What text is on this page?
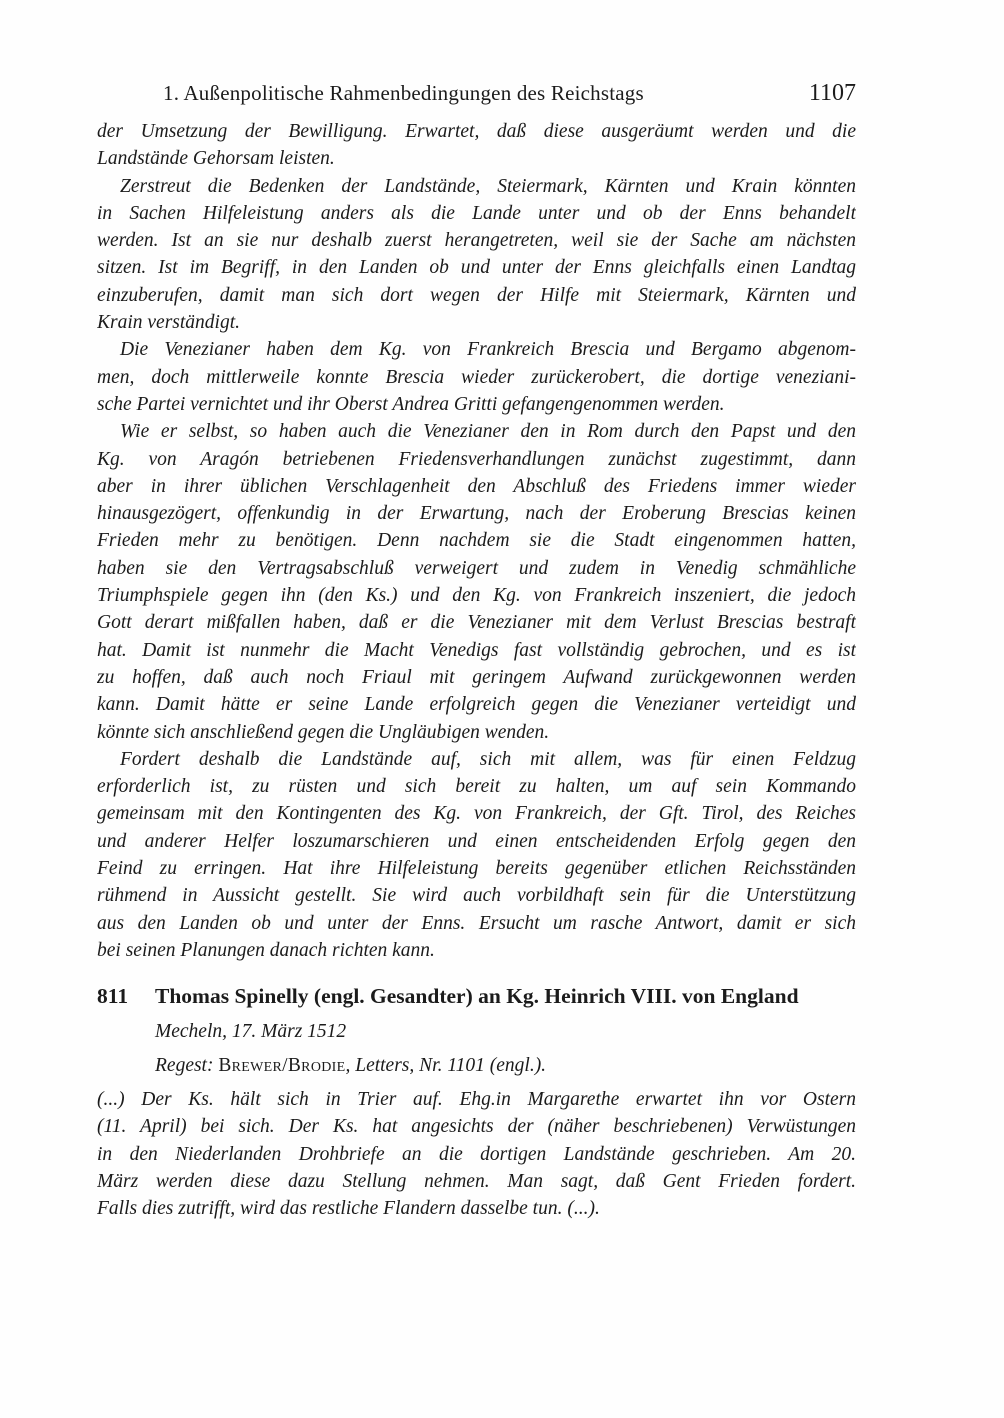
1. Außenpolitische Rahmenbedingungen des Reichstags	1107
der Umsetzung der Bewilligung. Erwartet, daß diese ausgeräumt werden und die
Landstände Gehorsam leisten.
Zerstreut die Bedenken der Landstände, Steiermark, Kärnten und Krain könnten
in Sachen Hilfeleistung anders als die Lande unter und ob der Enns behandelt
werden. Ist an sie nur deshalb zuerst herangetreten, weil sie der Sache am nächsten
sitzen. Ist im Begriff, in den Landen ob und unter der Enns gleichfalls einen Landtag
einzuberufen, damit man sich dort wegen der Hilfe mit Steiermark, Kärnten und
Krain verständigt.
Die Venezianer haben dem Kg. von Frankreich Brescia und Bergamo abgenom-
men, doch mittlerweile konnte Brescia wieder zurückerobert, die dortige veneziani-
sche Partei vernichtet und ihr Oberst Andrea Gritti gefangengenommen werden.
Wie er selbst, so haben auch die Venezianer den in Rom durch den Papst und den
Kg. von Aragón betriebenen Friedensverhandlungen zunächst zugestimmt, dann
aber in ihrer üblichen Verschlagenheit den Abschluß des Friedens immer wieder
hinausgezögert, offenkundig in der Erwartung, nach der Eroberung Brescias keinen
Frieden mehr zu benötigen. Denn nachdem sie die Stadt eingenommen hatten,
haben sie den Vertragsabschluß verweigert und zudem in Venedig schmähliche
Triumphspiele gegen ihn (den Ks.) und den Kg. von Frankreich inszeniert, die jedoch
Gott derart mißfallen haben, daß er die Venezianer mit dem Verlust Brescias bestraft
hat. Damit ist nunmehr die Macht Venedigs fast vollständig gebrochen, und es ist
zu hoffen, daß auch noch Friaul mit geringem Aufwand zurückgewonnen werden
kann. Damit hätte er seine Lande erfolgreich gegen die Venezianer verteidigt und
könnte sich anschließend gegen die Ungläubigen wenden.
Fordert deshalb die Landstände auf, sich mit allem, was für einen Feldzug
erforderlich ist, zu rüsten und sich bereit zu halten, um auf sein Kommando
gemeinsam mit den Kontingenten des Kg. von Frankreich, der Gft. Tirol, des Reiches
und anderer Helfer loszumarschieren und einen entscheidenden Erfolg gegen den
Feind zu erringen. Hat ihre Hilfeleistung bereits gegenüber etlichen Reichsständen
rühmend in Aussicht gestellt. Sie wird auch vorbildhaft sein für die Unterstützung
aus den Landen ob und unter der Enns. Ersucht um rasche Antwort, damit er sich
bei seinen Planungen danach richten kann.
811	Thomas Spinelly (engl. Gesandter) an Kg. Heinrich VIII. von England
Mecheln, 17. März 1512
Regest: Brewer/Brodie, Letters, Nr. 1101 (engl.).
(...) Der Ks. hält sich in Trier auf. Ehg.in Margarethe erwartet ihn vor Ostern
(11. April) bei sich. Der Ks. hat angesichts der (näher beschriebenen) Verwüstungen
in den Niederlanden Drohbriefe an die dortigen Landstände geschrieben. Am 20.
März werden diese dazu Stellung nehmen. Man sagt, daß Gent Frieden fordert.
Falls dies zutrifft, wird das restliche Flandern dasselbe tun. (...).
